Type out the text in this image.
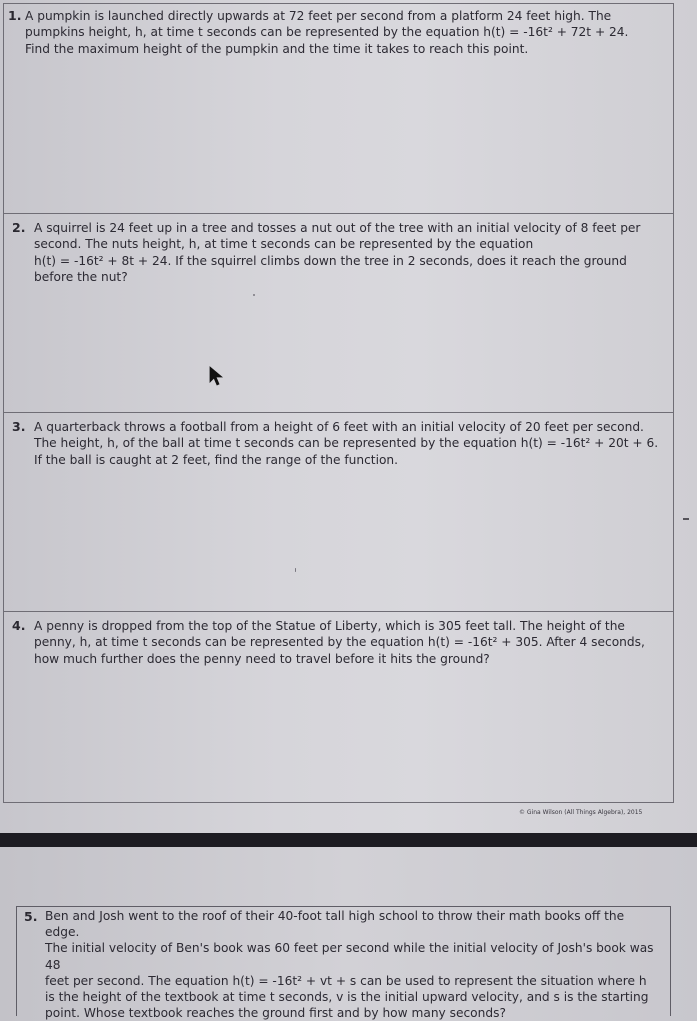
1. A pumpkin is launched directly upwards at 72 feet per second from a platform 24 feet high. The
pumpkins height, h, at time t seconds can be represented by the equation h(t) = -16t² + 72t + 24.
Find the maximum height of the pumpkin and the time it takes to reach this point.
2. A squirrel is 24 feet up in a tree and tosses a nut out of the tree with an initial velocity of 8 feet per
second. The nuts height, h, at time t seconds can be represented by the equation
h(t) = -16t² + 8t + 24. If the squirrel climbs down the tree in 2 seconds, does it reach the ground
before the nut?
3. A quarterback throws a football from a height of 6 feet with an initial velocity of 20 feet per second.
The height, h, of the ball at time t seconds can be represented by the equation h(t) = -16t² + 20t + 6.
If the ball is caught at 2 feet, find the range of the function.
4. A penny is dropped from the top of the Statue of Liberty, which is 305 feet tall. The height of the
penny, h, at time t seconds can be represented by the equation h(t) = -16t² + 305. After 4 seconds,
how much further does the penny need to travel before it hits the ground?
© Gina Wilson (All Things Algebra), 2015
5. Ben and Josh went to the roof of their 40-foot tall high school to throw their math books off the edge.
The initial velocity of Ben's book was 60 feet per second while the initial velocity of Josh's book was 48
feet per second. The equation h(t) = -16t² + vt + s can be used to represent the situation where h
is the height of the textbook at time t seconds, v is the initial upward velocity, and s is the starting
point. Whose textbook reaches the ground first and by how many seconds?
